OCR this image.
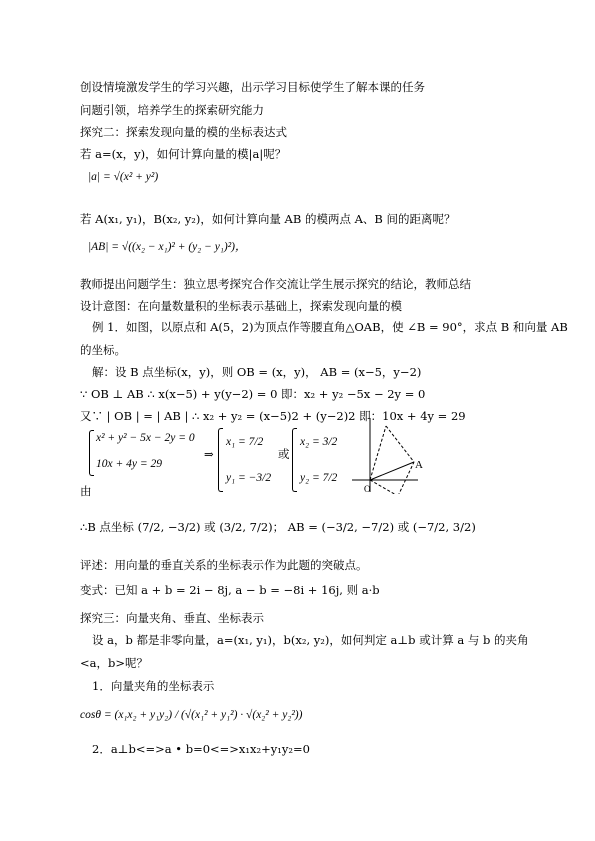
创设情境激发学生的学习兴趣，出示学习目标使学生了解本课的任务
问题引领，培养学生的探索研究能力
探究二：探索发现向量的模的坐标表达式
若 a=(x，y)，如何计算向量的模|a|呢？
|a| = √(x² + y²)
若 A(x₁, y₁)，B(x₂, y₂)，如何计算向量 AB 的模两点 A、B 间的距离呢？
|AB| = √((x₂ − x₁)² + (y₂ − y₁)²)，
教师提出问题学生：独立思考探究合作交流让学生展示探究的结论，教师总结
设计意图：在向量数量积的坐标表示基础上，探索发现向量的模
例 1．如图，以原点和 A(5，2)为顶点作等腰直角△OAB，使 ∠B = 90°，求点 B 和向量 AB
的坐标。
解：设 B 点坐标(x，y)，则 OB = (x，y)， AB = (x−5，y−2)
∵ OB ⊥ AB ∴ x(x−5) + y(y−2) = 0 即：x₂ + y₂ −5x − 2y = 0
又∵ | OB | = | AB | ∴ x₂ + y₂ = (x−5)2 + (y−2)2 即：10x + 4y = 29
x² + y² − 5x − 2y = 0
10x + 4y = 29
⇒
x₁ = 7/2
y₁ = −3/2
或
x₂ = 3/2
y₂ = 7/2
由
A
O
∴B 点坐标 (7/2, −3/2) 或 (3/2, 7/2)； AB = (−3/2, −7/2) 或 (−7/2, 3/2)
评述：用向量的垂直关系的坐标表示作为此题的突破点。
变式：已知 a + b = 2i − 8j, a − b = −8i + 16j, 则 a·b
探究三：向量夹角、垂直、坐标表示
设 a，b 都是非零向量，a=(x₁, y₁)，b(x₂, y₂)，如何判定 a⊥b 或计算 a 与 b 的夹角
<a，b>呢？
1．向量夹角的坐标表示
cosθ = (x₁x₂ + y₁y₂) / (√(x₁² + y₁²) · √(x₂² + y₂²))
2．a⊥b<=>a • b=0<=>x₁x₂+y₁y₂=0
